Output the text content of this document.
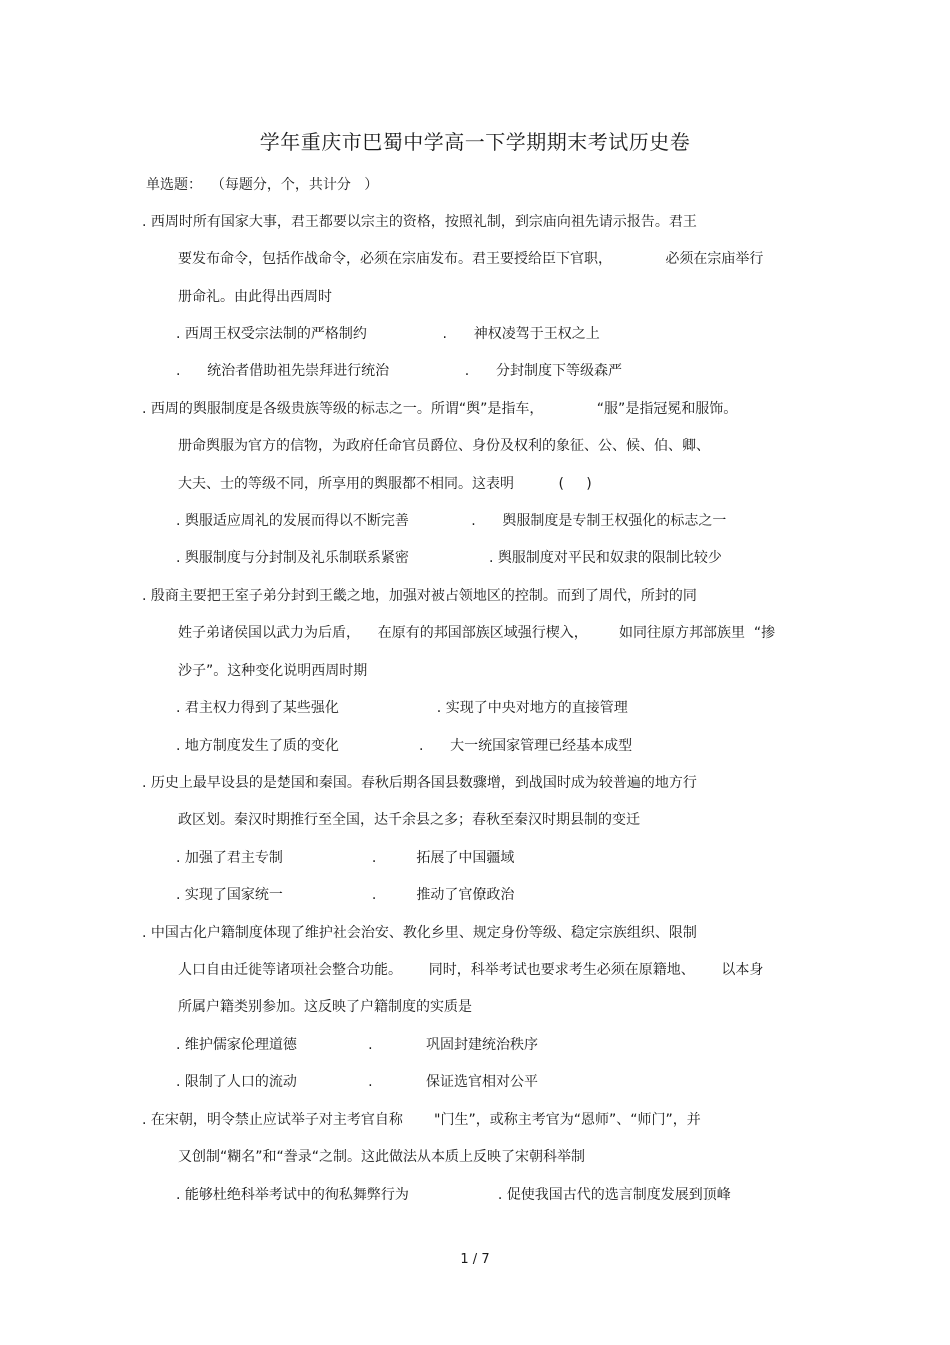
学年重庆市巴蜀中学高一下学期期末考试历史卷
单选题：  （每题分，个，共计分   ）
. 西周时所有国家大事，君王都要以宗主的资格，按照礼制，到宗庙向祖先请示报告。君王
要发布命令，包括作战命令，必须在宗庙发布。君王要授给臣下官职，            必须在宗庙举行
册命礼。由此得出西周时
. 西周王权受宗法制的严格制约                 .      神权凌驾于王权之上
.      统治者借助祖先崇拜进行统治                 .      分封制度下等级森严
. 西周的舆服制度是各级贵族等级的标志之一。所谓“舆”是指车，            “服”是指冠冕和服饰。
册命舆服为官方的信物，为政府任命官员爵位、身份及权利的象征、公、候、伯、卿、
大夫、士的等级不同，所享用的舆服都不相同。这表明          (     )
. 舆服适应周礼的发展而得以不断完善              .      舆服制度是专制王权强化的标志之一
. 舆服制度与分封制及礼乐制联系紧密                  . 舆服制度对平民和奴隶的限制比较少
. 殷商主要把王室子弟分封到王畿之地，加强对被占领地区的控制。而到了周代，所封的同
姓子弟诸侯国以武力为后盾，    在原有的邦国部族区域强行楔入，       如同往原方邦部族里  “掺
沙子”。这种变化说明西周时期
. 君主权力得到了某些强化                      . 实现了中央对地方的直接管理
. 地方制度发生了质的变化                  .      大一统国家管理已经基本成型
. 历史上最早设县的是楚国和秦国。春秋后期各国县数骤增，到战国时成为较普遍的地方行
政区划。秦汉时期推行至全国，达千余县之多；春秋至秦汉时期县制的变迁
. 加强了君主专制                    .         拓展了中国疆域
. 实现了国家统一                    .         推动了官僚政治
. 中国古化户籍制度体现了维护社会治安、教化乡里、规定身份等级、稳定宗族组织、限制
人口自由迁徙等诸项社会整合功能。      同时，科举考试也要求考生必须在原籍地、      以本身
所属户籍类别参加。这反映了户籍制度的实质是
. 维护儒家伦理道德                .            巩固封建统治秩序
. 限制了人口的流动                .            保证选官相对公平
. 在宋朝，明令禁止应试举子对主考官自称       "门生”，或称主考官为“恩师”、“师门”，并
又创制“糊名”和“誊录“之制。这此做法从本质上反映了宋朝科举制
. 能够杜绝科举考试中的徇私舞弊行为                    . 促使我国古代的选言制度发展到顶峰
1 / 7
